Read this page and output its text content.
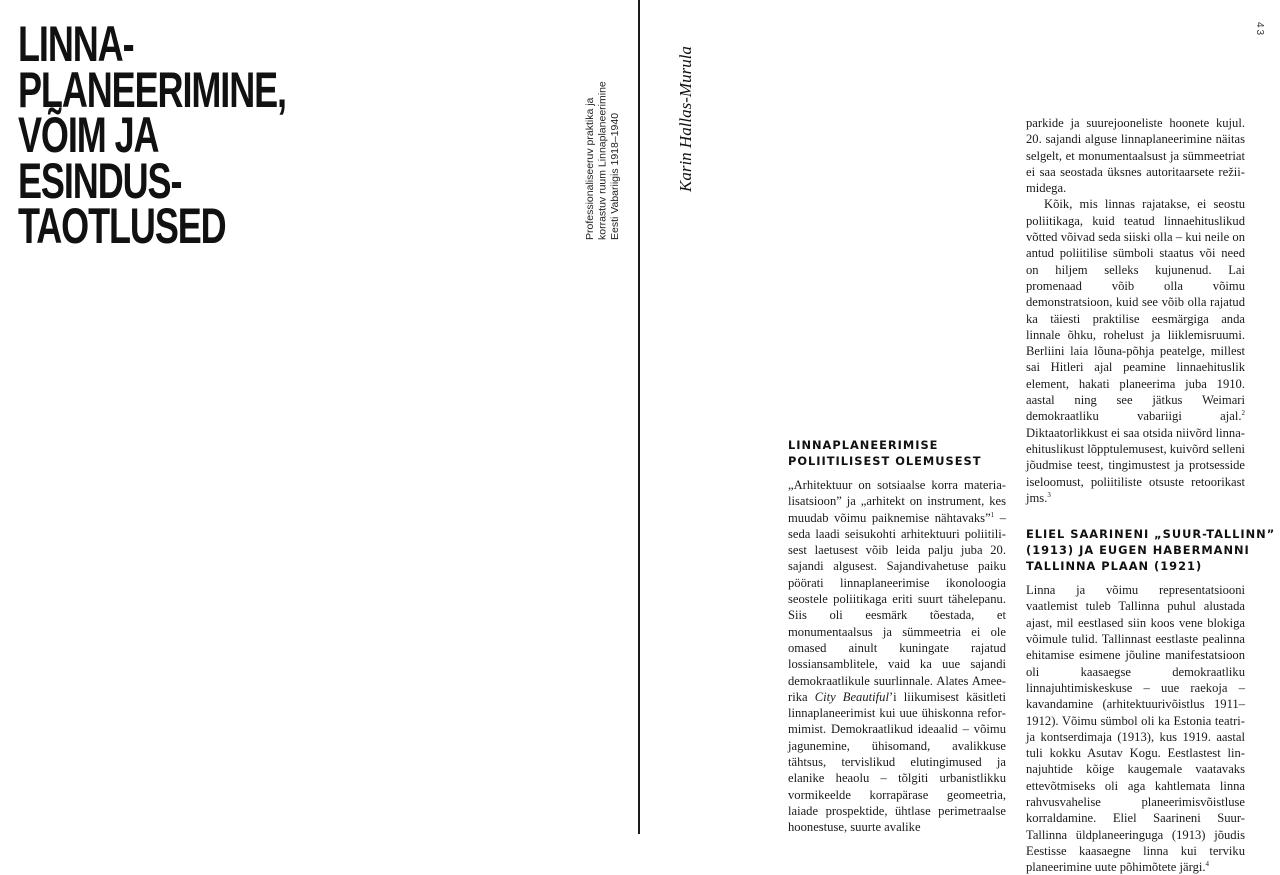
LINNA-
PLANEERIMINE,
VÕIM JA
ESINDUS-
TAOTLUSED	Professionaliseeruv praktika ja korrastuv ruum Linnaplaneerimine Eesti Vabariigis 1918–1940	Karin Hallas-Murula
43
LINNAPLANEERIMISE
POLIITILISEST OLEMUSEST

„Arhitektuur on sotsiaalse korra materialisatsioon” ja „arhitekt on instrument, kes muudab võimu paiknemise nähtavaks”$^1$ – seda laadi seisukohti arhitektuuri poliitilisest laetusest võib leida palju juba 20. sajandi algusest. Sajandivahetuse paiku pöörati linnaplaneerimise ikonoloogia seostele poliitikaga eriti suurt tähelepanu. Siis oli eesmärk tõestada, et monumentaalsus ja sümmeetria ei ole omased ainult kuningate rajatud lossiansamblitele, vaid ka uue sajandi demokraatlikule suurlinnale. Alates Ameerika City Beautiful’i liikumisest käsitleti linnaplaneerimist kui uue ühiskonna reformimist. Demokraatlikud ideaalid – võimu jagunemine, ühisomand, avalikkuse tähtsus, tervislikud elutingimused ja elanike heaolu – tõlgiti urbanistlikku vormikeelde korrapärase geomeetria, laiade prospektide, ühtlase perimetraalse hoonestuse, suurte avalike

parkide ja suurejooneliste hoonete kujul. 20. sajandi alguse linnaplaneerimine näitas selgelt, et monumentaalsust ja sümmeetriat ei saa seostada üksnes autoritaarsete režiimidega.

Kõik, mis linnas rajatakse, ei seostu poliitikaga, kuid teatud linnaehituslikud võtted võivad seda siiski olla – kui neile on antud poliitilise sümboli staatus või need on hiljem selleks kujunenud. Lai promenaad võib olla võimu demonstratsioon, kuid see võib olla rajatud ka täiesti praktilise eesmärgiga anda linnale õhku, rohelust ja liiklemisruumi. Berliini laia lõuna-põhja peatelge, millest sai Hitleri ajal peamine linnaehituslik element, hakati planeerima juba 1910. aastal ning see jätkus Weimari demokraatliku vabariigi ajal.$^2$ Diktaatorlikkust ei saa otsida niivõrd linnaehituslikust lõpptulemusest, kuivõrd selleni jõudmise teest, tingimustest ja protsesside iseloomust, poliitiliste otsuste retoorikast jms.$^3$

ELIEL SAARINENI „SUUR-TALLINN”
(1913) JA EUGEN HABERMANNI
TALLINNA PLAAN (1921)

Linna ja võimu representatsiooni vaatlemist tuleb Tallinna puhul alustada ajast, mil eestlased siin koos vene blokiga võimule tulid. Tallinnast eestlaste pealinna ehitamise esimene jõuline manifestatsioon oli kaasaegse demokraatliku linnajuhtimiskeskuse – uue raekoja – kavandamine (arhitektuurivõistlus 1911–1912). Võimu sümbol oli ka Estonia teatri- ja kontserdimaja (1913), kus 1919. aastal tuli kokku Asutav Kogu. Eestlastest linnajuhtide kõige kaugemale vaatavaks ettevõtmiseks oli aga kahtlemata linna rahvusvahelise planeerimisvõistluse korraldamine. Eliel Saarineni Suur-Tallinna üldplaneeringuga (1913) jõudis Eestisse kaasaegne linna kui terviku planeerimine uute põhimõtete järgi.$^4$
